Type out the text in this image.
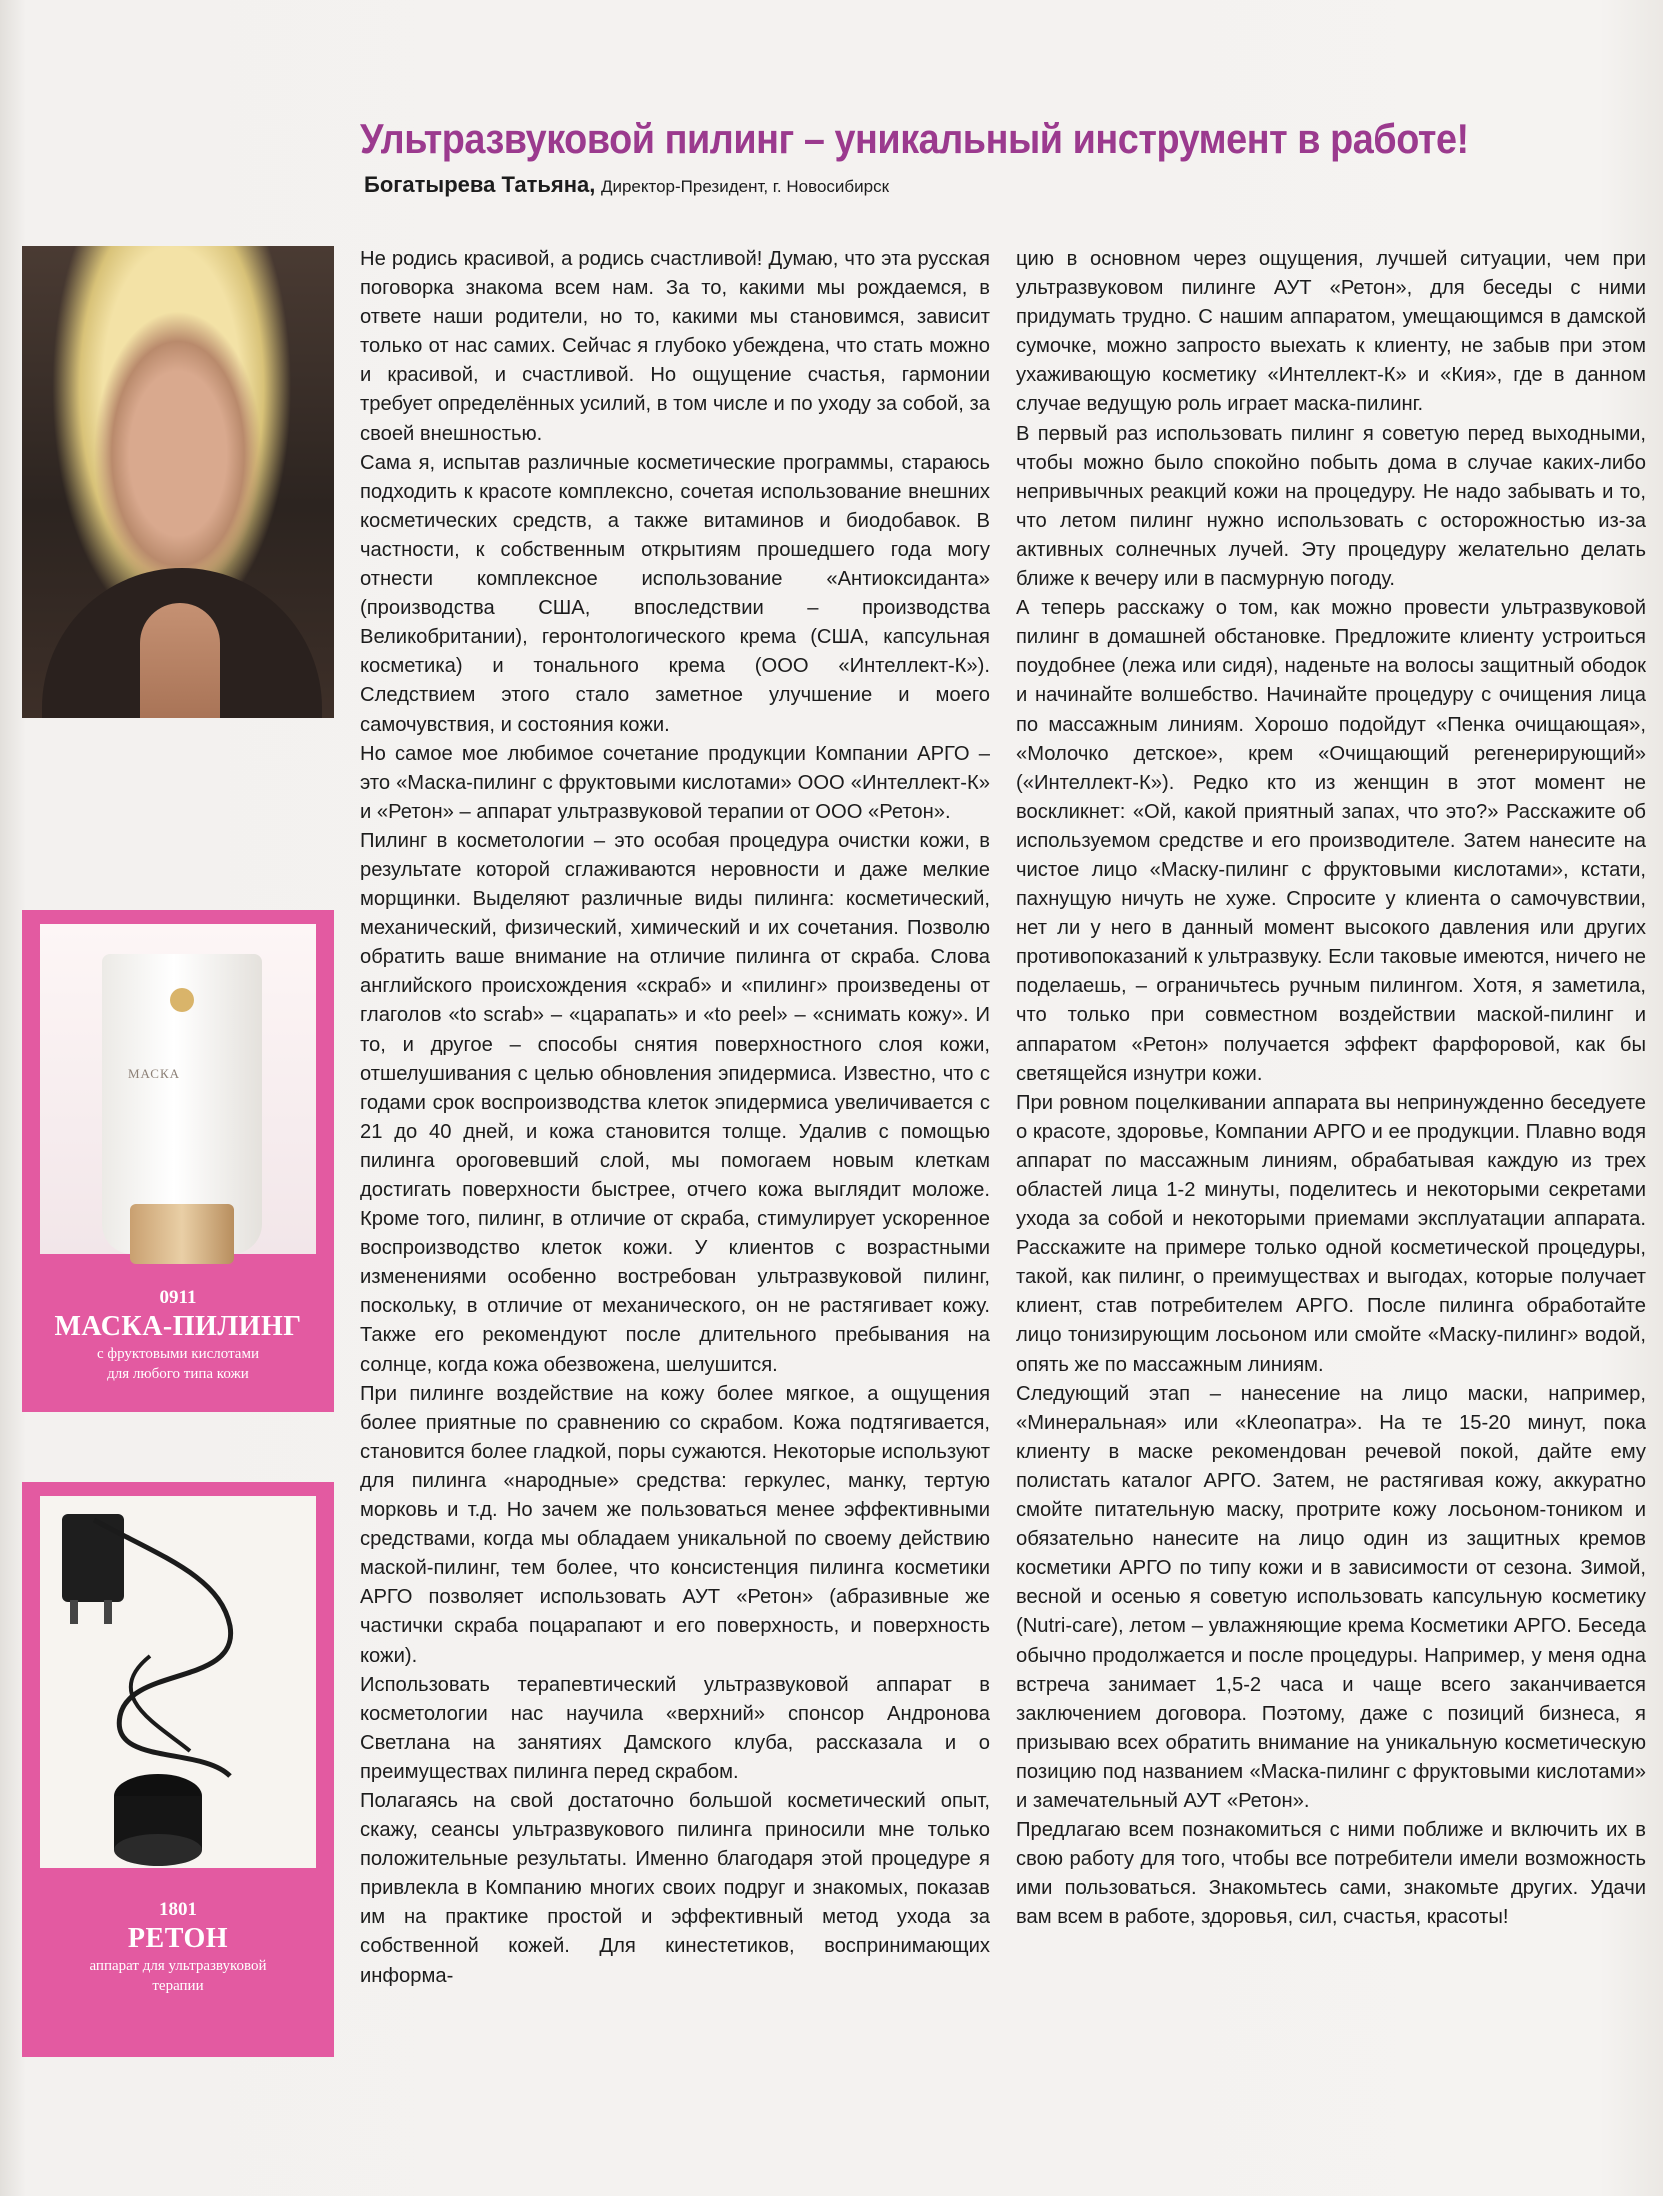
Ультразвуковой пилинг – уникальный инструмент в работе!
Богатырева Татьяна, Директор-Президент, г. Новосибирск
МАСКА
0911
МАСКА-ПИЛИНГ
с фруктовыми кислотами
для любого типа кожи
1801
РЕТОН
аппарат для ультразвуковой
терапии

Не родись красивой, а родись счастливой! Думаю, что эта русская поговорка знакома всем нам. За то, какими мы рождаемся, в ответе наши родители, но то, какими мы становимся, зависит только от нас самих. Сейчас я глубоко убеждена, что стать можно и красивой, и счастливой. Но ощущение счастья, гармонии требует определённых усилий, в том числе и по уходу за собой, за своей внешностью.

Сама я, испытав различные косметические программы, стараюсь подходить к красоте комплексно, сочетая использование внешних косметических средств, а также витаминов и биодобавок. В частности, к собственным открытиям прошедшего года могу отнести комплексное использование «Антиоксиданта» (производства США, впоследствии – производства Великобритании), геронтологического крема (США, капсульная косметика) и тонального крема (ООО «Интеллект-К»). Следствием этого стало заметное улучшение и моего самочувствия, и состояния кожи.

Но самое мое любимое сочетание продукции Компании АРГО – это «Маска-пилинг с фруктовыми кислотами» ООО «Интеллект-К» и «Ретон» – аппарат ультразвуковой терапии от ООО «Ретон».

Пилинг в косметологии – это особая процедура очистки кожи, в результате которой сглаживаются неровности и даже мелкие морщинки. Выделяют различные виды пилинга: косметический, механический, физический, химический и их сочетания. Позволю обратить ваше внимание на отличие пилинга от скраба. Слова английского происхождения «скраб» и «пилинг» произведены от глаголов «to scrab» – «царапать» и «to peel» – «снимать кожу». И то, и другое – способы снятия поверхностного слоя кожи, отшелушивания с целью обновления эпидермиса. Известно, что с годами срок воспроизводства клеток эпидермиса увеличивается с 21 до 40 дней, и кожа становится толще. Удалив с помощью пилинга ороговевший слой, мы помогаем новым клеткам достигать поверхности быстрее, отчего кожа выглядит моложе. Кроме того, пилинг, в отличие от скраба, стимулирует ускоренное воспроизводство клеток кожи. У клиентов с возрастными изменениями особенно востребован ультразвуковой пилинг, поскольку, в отличие от механического, он не растягивает кожу. Также его рекомендуют после длительного пребывания на солнце, когда кожа обезвожена, шелушится.

При пилинге воздействие на кожу более мягкое, а ощущения более приятные по сравнению со скрабом. Кожа подтягивается, становится более гладкой, поры сужаются. Некоторые используют для пилинга «народные» средства: геркулес, манку, тертую морковь и т.д. Но зачем же пользоваться менее эффективными средствами, когда мы обладаем уникальной по своему действию маской-пилинг, тем более, что консистенция пилинга косметики АРГО позволяет использовать АУТ «Ретон» (абразивные же частички скраба поцарапают и его поверхность, и поверхность кожи).

Использовать терапевтический ультразвуковой аппарат в косметологии нас научила «верхний» спонсор Андронова Светлана на занятиях Дамского клуба, рассказала и о преимуществах пилинга перед скрабом.

Полагаясь на свой достаточно большой косметический опыт, скажу, сеансы ультразвукового пилинга приносили мне только положительные результаты. Именно благодаря этой процедуре я привлекла в Компанию многих своих подруг и знакомых, показав им на практике простой и эффективный метод ухода за собственной кожей. Для кинестетиков, воспринимающих информа-

цию в основном через ощущения, лучшей ситуации, чем при ультразвуковом пилинге АУТ «Ретон», для беседы с ними придумать трудно. С нашим аппаратом, умещающимся в дамской сумочке, можно запросто выехать к клиенту, не забыв при этом ухаживающую косметику «Интеллект-К» и «Кия», где в данном случае ведущую роль играет маска-пилинг.

В первый раз использовать пилинг я советую перед выходными, чтобы можно было спокойно побыть дома в случае каких-либо непривычных реакций кожи на процедуру. Не надо забывать и то, что летом пилинг нужно использовать с осторожностью из-за активных солнечных лучей. Эту процедуру желательно делать ближе к вечеру или в пасмурную погоду.

А теперь расскажу о том, как можно провести ультразвуковой пилинг в домашней обстановке. Предложите клиенту устроиться поудобнее (лежа или сидя), наденьте на волосы защитный ободок и начинайте волшебство. Начинайте процедуру с очищения лица по массажным линиям. Хорошо подойдут «Пенка очищающая», «Молочко детское», крем «Очищающий регенерирующий» («Интеллект-К»). Редко кто из женщин в этот момент не воскликнет: «Ой, какой приятный запах, что это?» Расскажите об используемом средстве и его производителе. Затем нанесите на чистое лицо «Маску-пилинг с фруктовыми кислотами», кстати, пахнущую ничуть не хуже. Спросите у клиента о самочувствии, нет ли у него в данный момент высокого давления или других противопоказаний к ультразвуку. Если таковые имеются, ничего не поделаешь, – ограничьтесь ручным пилингом. Хотя, я заметила, что только при совместном воздействии маской-пилинг и аппаратом «Ретон» получается эффект фарфоровой, как бы светящейся изнутри кожи.

При ровном поцелкивании аппарата вы непринужденно беседуете о красоте, здоровье, Компании АРГО и ее продукции. Плавно водя аппарат по массажным линиям, обрабатывая каждую из трех областей лица 1-2 минуты, поделитесь и некоторыми секретами ухода за собой и некоторыми приемами эксплуатации аппарата. Расскажите на примере только одной косметической процедуры, такой, как пилинг, о преимуществах и выгодах, которые получает клиент, став потребителем АРГО. После пилинга обработайте лицо тонизирующим лосьоном или смойте «Маску-пилинг» водой, опять же по массажным линиям.

Следующий этап – нанесение на лицо маски, например, «Минеральная» или «Клеопатра». На те 15-20 минут, пока клиенту в маске рекомендован речевой покой, дайте ему полистать каталог АРГО. Затем, не растягивая кожу, аккуратно смойте питательную маску, протрите кожу лосьоном-тоником и обязательно нанесите на лицо один из защитных кремов косметики АРГО по типу кожи и в зависимости от сезона. Зимой, весной и осенью я советую использовать капсульную косметику (Nutri-care), летом – увлажняющие крема Косметики АРГО. Беседа обычно продолжается и после процедуры. Например, у меня одна встреча занимает 1,5-2 часа и чаще всего заканчивается заключением договора. Поэтому, даже с позиций бизнеса, я призываю всех обратить внимание на уникальную косметическую позицию под названием «Маска-пилинг с фруктовыми кислотами» и замечательный АУТ «Ретон».

Предлагаю всем познакомиться с ними поближе и включить их в свою работу для того, чтобы все потребители имели возможность ими пользоваться. Знакомьтесь сами, знакомьте других. Удачи вам всем в работе, здоровья, сил, счастья, красоты!
